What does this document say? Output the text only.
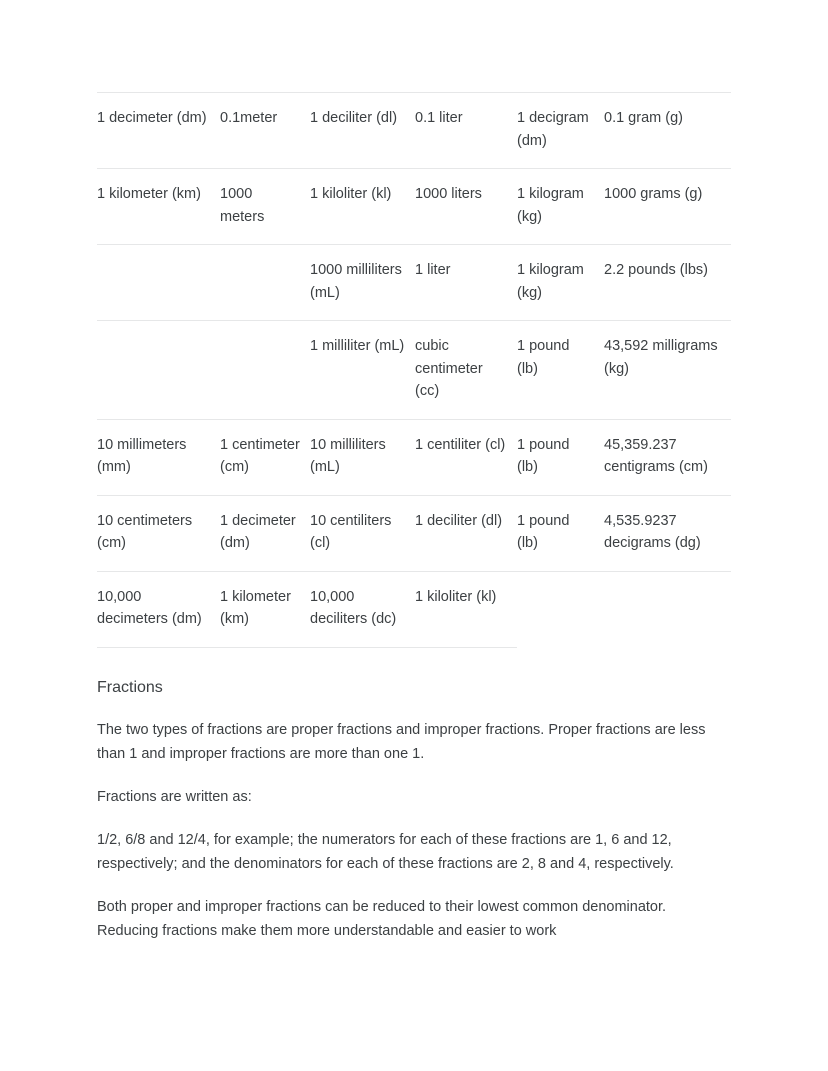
1 decimeter (dm)	0.1meter	1 deciliter (dl)	0.1 liter	1 decigram (dm)	0.1 gram (g)
1 kilometer (km)	1000 meters	1 kiloliter (kl)	1000 liters	1 kilogram (kg)	1000 grams (g)
		1000 milliliters (mL)	1 liter	1 kilogram (kg)	2.2 pounds (lbs)
		1 milliliter (mL)	cubic centimeter (cc)	1 pound (lb)	43,592 milligrams (kg)
10 millimeters (mm)	1 centimeter (cm)	10 milliliters (mL)	1 centiliter (cl)	1 pound (lb)	45,359.237 centigrams (cm)
10 centimeters (cm)	1 decimeter (dm)	10 centiliters (cl)	1 deciliter (dl)	1 pound (lb)	4,535.9237 decigrams (dg)
10,000 decimeters (dm)	1 kilometer (km)	10,000 deciliters (dc)	1 kiloliter (kl)		
Fractions

The two types of fractions are proper fractions and improper fractions. Proper fractions are less than 1 and improper fractions are more than one 1.

Fractions are written as:

1/2, 6/8 and 12/4, for example; the numerators for each of these fractions are 1, 6 and 12, respectively; and the denominators for each of these fractions are 2, 8 and 4, respectively.

Both proper and improper fractions can be reduced to their lowest common denominator. Reducing fractions make them more understandable and easier to work
